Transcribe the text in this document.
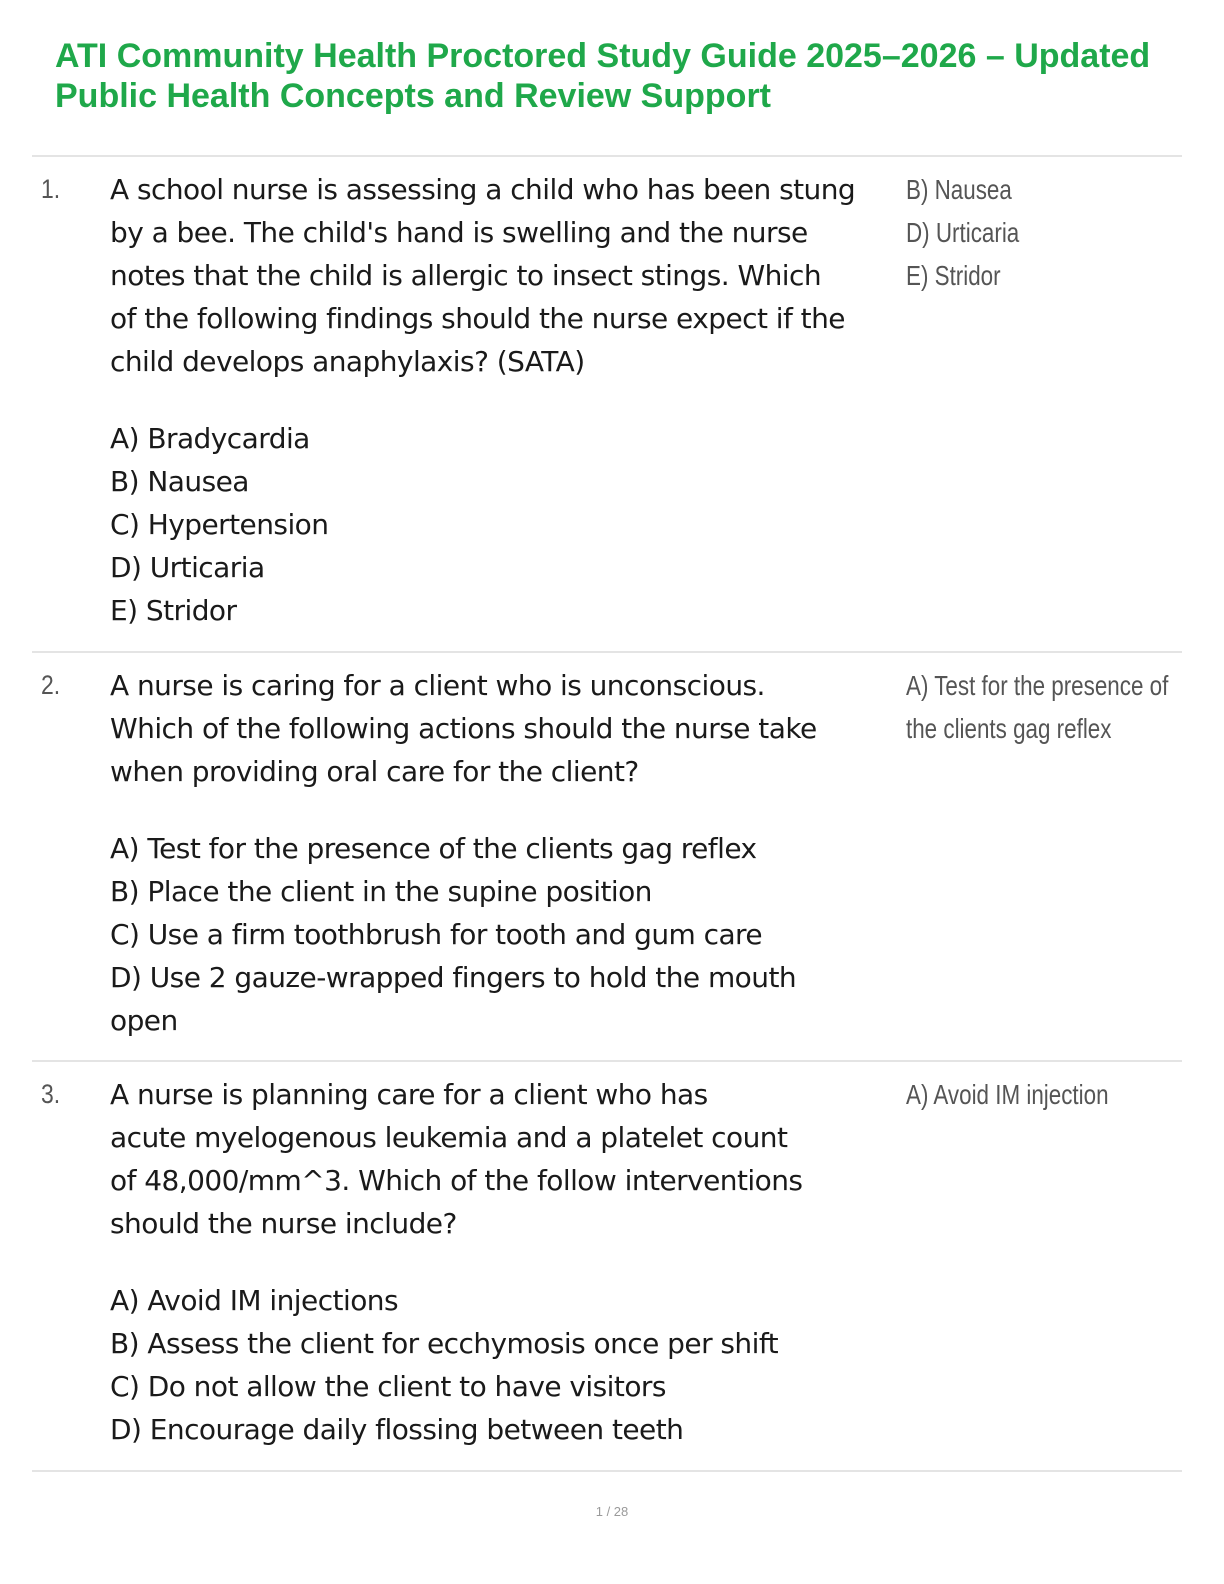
ATI Community Health Proctored Study Guide 2025–2026 – Updated
Public Health Concepts and Review Support
1. A school nurse is assessing a child who has been stung
by a bee. The child's hand is swelling and the nurse
notes that the child is allergic to insect stings. Which
of the following findings should the nurse expect if the
child develops anaphylaxis? (SATA)

A) Bradycardia
B) Nausea
C) Hypertension
D) Urticaria
E) Stridor
B) Nausea
D) Urticaria
E) Stridor
2. A nurse is caring for a client who is unconscious.
Which of the following actions should the nurse take
when providing oral care for the client?

A) Test for the presence of the clients gag reflex
B) Place the client in the supine position
C) Use a firm toothbrush for tooth and gum care
D) Use 2 gauze-wrapped fingers to hold the mouth
open
A) Test for the presence of
the clients gag reflex
3. A nurse is planning care for a client who has
acute myelogenous leukemia and a platelet count
of 48,000/mm^3. Which of the follow interventions
should the nurse include?

A) Avoid IM injections
B) Assess the client for ecchymosis once per shift
C) Do not allow the client to have visitors
D) Encourage daily flossing between teeth
A) Avoid IM injection
1 / 28
